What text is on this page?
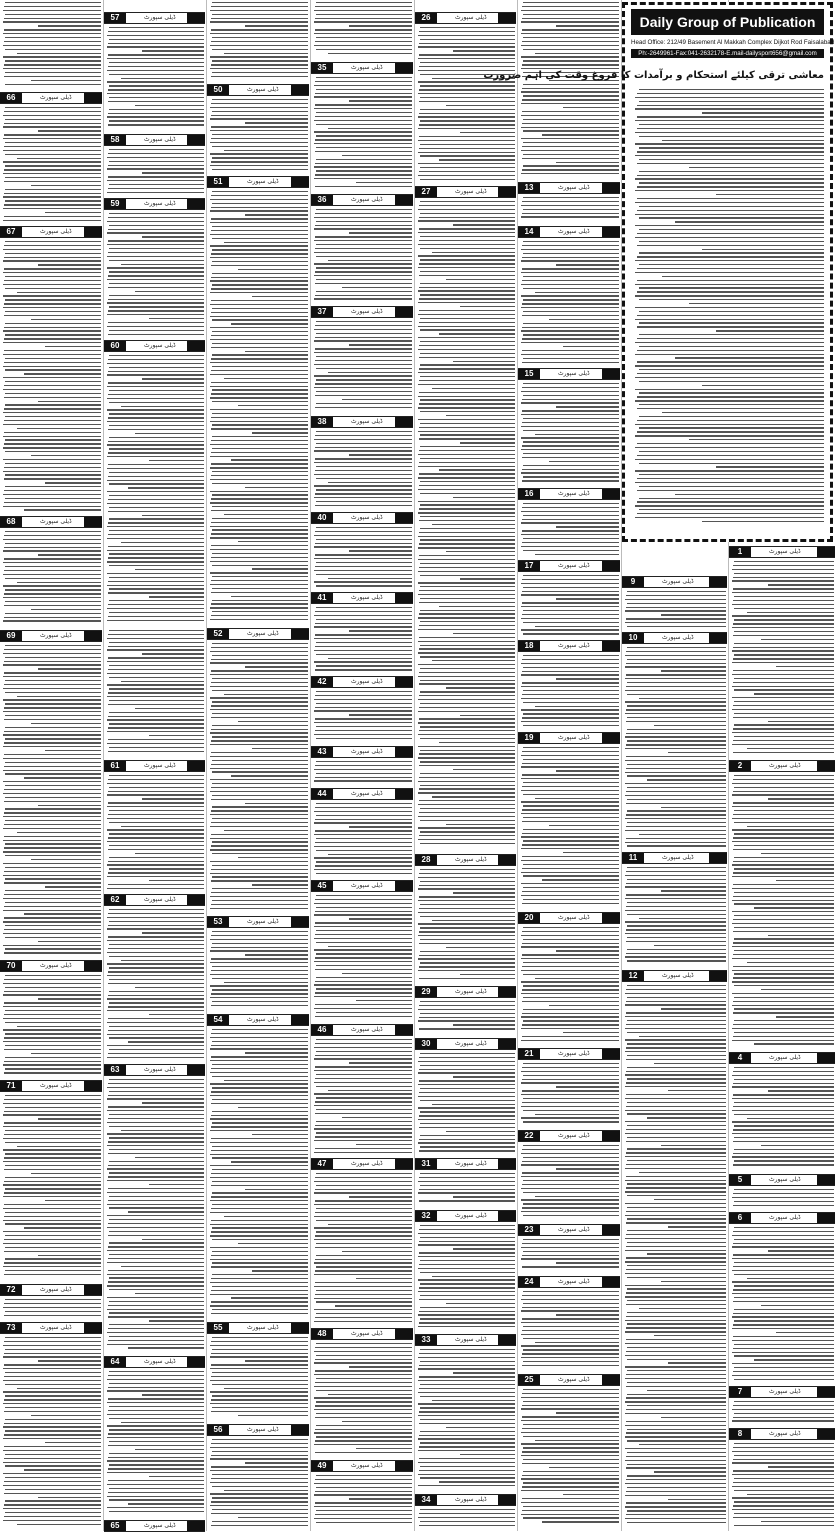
66	ڈیلی سپورٹ
67	ڈیلی سپورٹ
68	ڈیلی سپورٹ
69	ڈیلی سپورٹ
70	ڈیلی سپورٹ
71	ڈیلی سپورٹ
72	ڈیلی سپورٹ
73	ڈیلی سپورٹ
57	ڈیلی سپورٹ
58	ڈیلی سپورٹ
59	ڈیلی سپورٹ
60	ڈیلی سپورٹ
61	ڈیلی سپورٹ
62	ڈیلی سپورٹ
63	ڈیلی سپورٹ
64	ڈیلی سپورٹ
65	ڈیلی سپورٹ
50	ڈیلی سپورٹ
51	ڈیلی سپورٹ
52	ڈیلی سپورٹ
53	ڈیلی سپورٹ
54	ڈیلی سپورٹ
55	ڈیلی سپورٹ
56	ڈیلی سپورٹ
35	ڈیلی سپورٹ
36	ڈیلی سپورٹ
37	ڈیلی سپورٹ
38	ڈیلی سپورٹ
40	ڈیلی سپورٹ
41	ڈیلی سپورٹ
42	ڈیلی سپورٹ
43	ڈیلی سپورٹ
44	ڈیلی سپورٹ
45	ڈیلی سپورٹ
46	ڈیلی سپورٹ
47	ڈیلی سپورٹ
48	ڈیلی سپورٹ
49	ڈیلی سپورٹ
26	ڈیلی سپورٹ
27	ڈیلی سپورٹ
28	ڈیلی سپورٹ
29	ڈیلی سپورٹ
30	ڈیلی سپورٹ
31	ڈیلی سپورٹ
32	ڈیلی سپورٹ
33	ڈیلی سپورٹ
34	ڈیلی سپورٹ
13	ڈیلی سپورٹ
14	ڈیلی سپورٹ
15	ڈیلی سپورٹ
16	ڈیلی سپورٹ
17	ڈیلی سپورٹ
18	ڈیلی سپورٹ
19	ڈیلی سپورٹ
20	ڈیلی سپورٹ
21	ڈیلی سپورٹ
22	ڈیلی سپورٹ
23	ڈیلی سپورٹ
24	ڈیلی سپورٹ
25	ڈیلی سپورٹ
9	ڈیلی سپورٹ
10	ڈیلی سپورٹ
11	ڈیلی سپورٹ
12	ڈیلی سپورٹ
1	ڈیلی سپورٹ
2	ڈیلی سپورٹ
4	ڈیلی سپورٹ
5	ڈیلی سپورٹ
6	ڈیلی سپورٹ
7	ڈیلی سپورٹ
8	ڈیلی سپورٹ
Daily Group of Publication
Head Office: 212/49 Basement Al Makkah Complex Dijkot Rod Faisalabad
Ph:-2649961-Fax:041-2632178-E.mail-dailysport656@gmail.com
معاشی ترقی کیلئے استحکام و برآمدات کا فروغ وقت کی اہم ضرورت
